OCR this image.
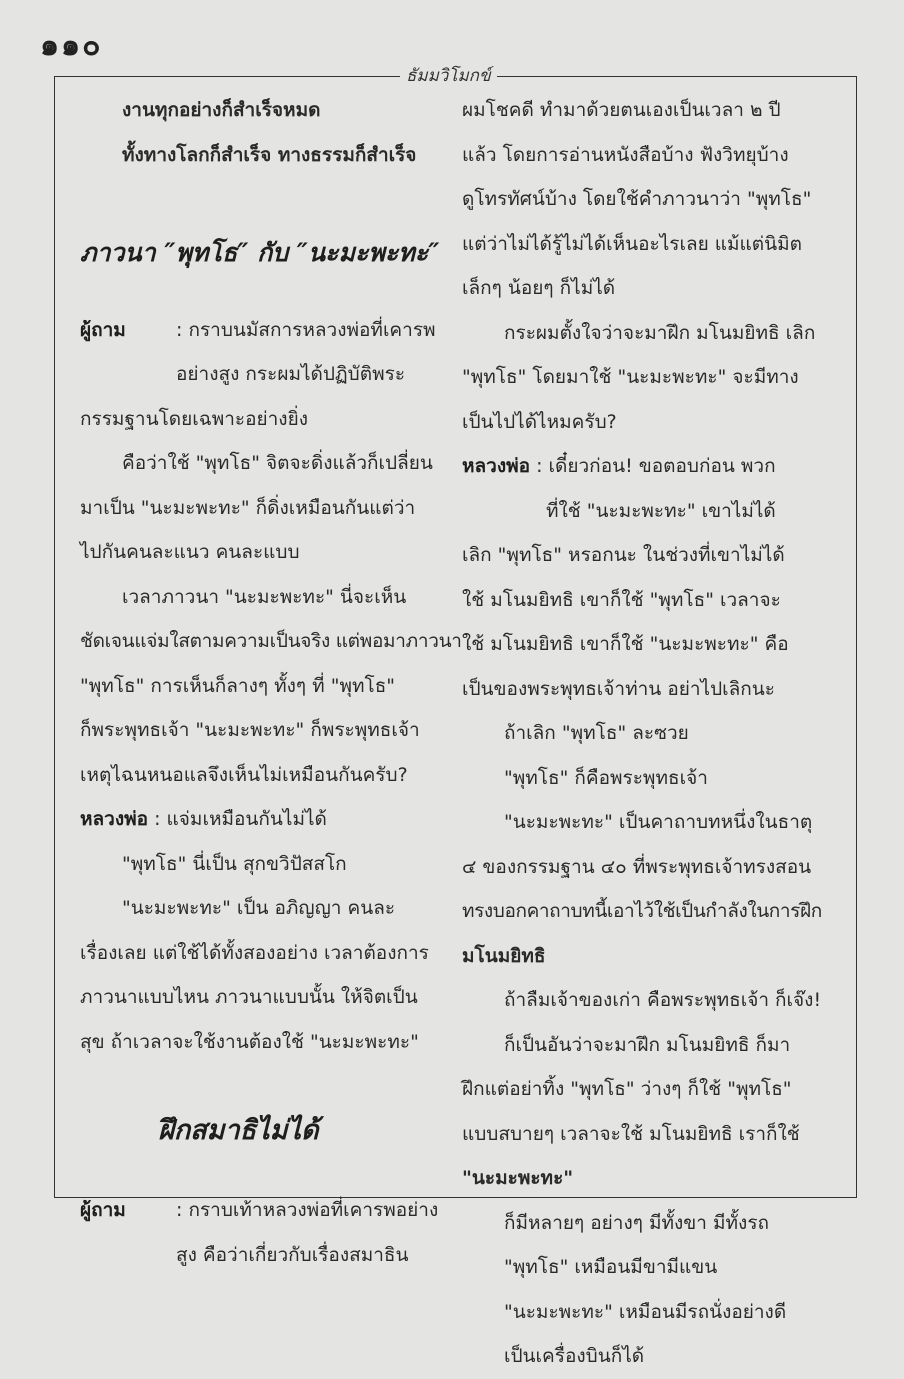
๑๑๐
ธัมมวิโมกข์
งานทุกอย่างก็สำเร็จหมด
ทั้งทางโลกก็สำเร็จ ทางธรรมก็สำเร็จ
ภาวนา ″พุทโธ″ กับ ″นะมะพะทะ″
ผู้ถาม	: กราบนมัสการหลวงพ่อที่เคารพ
อย่างสูง กระผมได้ปฏิบัติพระ
กรรมฐานโดยเฉพาะอย่างยิ่ง
คือว่าใช้ "พุทโธ" จิตจะดิ่งแล้วก็เปลี่ยน
มาเป็น "นะมะพะทะ" ก็ดิ่งเหมือนกันแต่ว่า
ไปกันคนละแนว คนละแบบ
เวลาภาวนา "นะมะพะทะ" นี่จะเห็น
ชัดเจนแจ่มใสตามความเป็นจริง แต่พอมาภาวนา
"พุทโธ" การเห็นก็ลางๆ ทั้งๆ ที่ "พุทโธ"
ก็พระพุทธเจ้า "นะมะพะทะ" ก็พระพุทธเจ้า
เหตุไฉนหนอแลจึงเห็นไม่เหมือนกันครับ?
หลวงพ่อ : แจ่มเหมือนกันไม่ได้
"พุทโธ" นี่เป็น สุกขวิปัสสโก
"นะมะพะทะ" เป็น อภิญญา คนละ
เรื่องเลย แต่ใช้ได้ทั้งสองอย่าง เวลาต้องการ
ภาวนาแบบไหน ภาวนาแบบนั้น ให้จิตเป็น
สุข ถ้าเวลาจะใช้งานต้องใช้ "นะมะพะทะ"
ฝึกสมาธิไม่ได้
ผู้ถาม	: กราบเท้าหลวงพ่อที่เคารพอย่าง
สูง คือว่าเกี่ยวกับเรื่องสมาธิน
ผมโชคดี ทำมาด้วยตนเองเป็นเวลา ๒ ปี
แล้ว โดยการอ่านหนังสือบ้าง ฟังวิทยุบ้าง
ดูโทรทัศน์บ้าง โดยใช้คำภาวนาว่า "พุทโธ"
แต่ว่าไม่ได้รู้ไม่ได้เห็นอะไรเลย แม้แต่นิมิต
เล็กๆ น้อยๆ ก็ไม่ได้
กระผมตั้งใจว่าจะมาฝึก มโนมยิทธิ เลิก
"พุทโธ" โดยมาใช้ "นะมะพะทะ" จะมีทาง
เป็นไปได้ไหมครับ?
หลวงพ่อ : เดี๋ยวก่อน! ขอตอบก่อน พวก
ที่ใช้ "นะมะพะทะ" เขาไม่ได้
เลิก "พุทโธ" หรอกนะ ในช่วงที่เขาไม่ได้
ใช้ มโนมยิทธิ เขาก็ใช้ "พุทโธ" เวลาจะ
ใช้ มโนมยิทธิ เขาก็ใช้ "นะมะพะทะ" คือ
เป็นของพระพุทธเจ้าท่าน อย่าไปเลิกนะ
ถ้าเลิก "พุทโธ" ละซวย
"พุทโธ" ก็คือพระพุทธเจ้า
"นะมะพะทะ" เป็นคาถาบทหนึ่งในธาตุ
๔ ของกรรมฐาน ๔๐ ที่พระพุทธเจ้าทรงสอน
ทรงบอกคาถาบทนี้เอาไว้ใช้เป็นกำลังในการฝึก
มโนมยิทธิ
ถ้าลืมเจ้าของเก่า คือพระพุทธเจ้า ก็เจ๊ง!
ก็เป็นอันว่าจะมาฝึก มโนมยิทธิ ก็มา
ฝึกแต่อย่าทิ้ง "พุทโธ" ว่างๆ ก็ใช้ "พุทโธ"
แบบสบายๆ เวลาจะใช้ มโนมยิทธิ เราก็ใช้
"นะมะพะทะ"
ก็มีหลายๆ อย่างๆ มีทั้งขา มีทั้งรถ
"พุทโธ" เหมือนมีขามีแขน
"นะมะพะทะ" เหมือนมีรถนั่งอย่างดี
เป็นเครื่องบินก็ได้
